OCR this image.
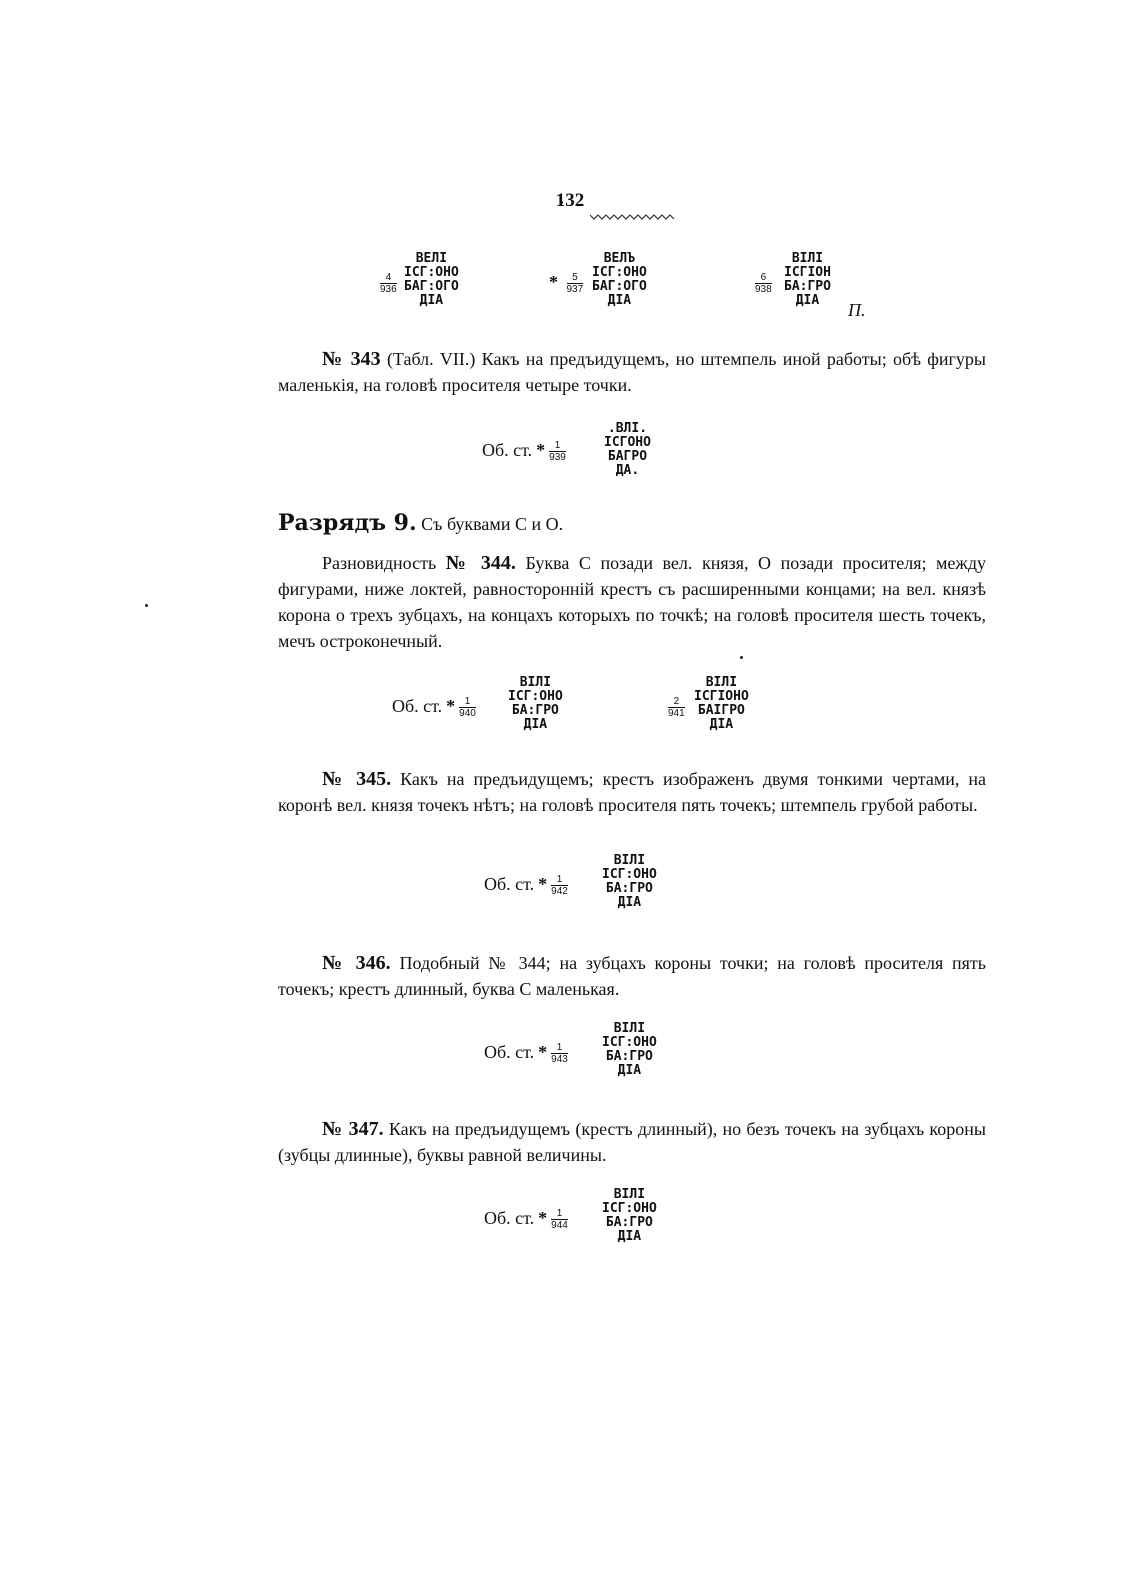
132
$\frac{4}{936}$
ВЕЛІ
ІСГ:ОНО
БАГ:ОГО
ДІА
* $\frac{5}{937}$
ВЕЛЪ
ІСГ:ОНО
БАГ:ОГО
ДІА
$\frac{6}{938}$
ВІЛІ
ІСГІОН
БА:ГРО
ДІА	П.

№ 343 (Табл. VII.) Какъ на предъидущемъ, но штемпель иной работы; обѣ фигуры маленькія, на головѣ просителя четыре точки.

Об. ст. * $\frac{1}{939}$
.ВЛІ.
ІСГОНО
БАГРО
ДА.
Разрядъ 9. Съ буквами С и О.

Разновидность № 344. Буква С позади вел. князя, О позади просителя; между фигурами, ниже локтей, равносторонній крестъ съ расширенными концами; на вел. князѣ корона о трехъ зубцахъ, на концахъ которыхъ по точкѣ; на головѣ просителя шесть точекъ, мечъ остроконечный.

Об. ст. * $\frac{1}{940}$
ВІЛІ
ІСГ:ОНО
БА:ГРО
ДІА
$\frac{2}{941}$
ВІЛІ
ІСГІОНО
БАІГРО
ДІА

№ 345. Какъ на предъидущемъ; крестъ изображенъ двумя тонкими чертами, на коронѣ вел. князя точекъ нѣтъ; на головѣ просителя пять точекъ; штемпель грубой работы.

Об. ст. * $\frac{1}{942}$
ВІЛІ
ІСГ:ОНО
БА:ГРО
ДІА

№ 346. Подобный № 344; на зубцахъ короны точки; на головѣ просителя пять точекъ; крестъ длинный, буква С маленькая.

Об. ст. * $\frac{1}{943}$
ВІЛІ
ІСГ:ОНО
БА:ГРО
ДІА

№ 347. Какъ на предъидущемъ (крестъ длинный), но безъ точекъ на зубцахъ короны (зубцы длинные), буквы равной величины.

Об. ст. * $\frac{1}{944}$
ВІЛІ
ІСГ:ОНО
БА:ГРО
ДІА
